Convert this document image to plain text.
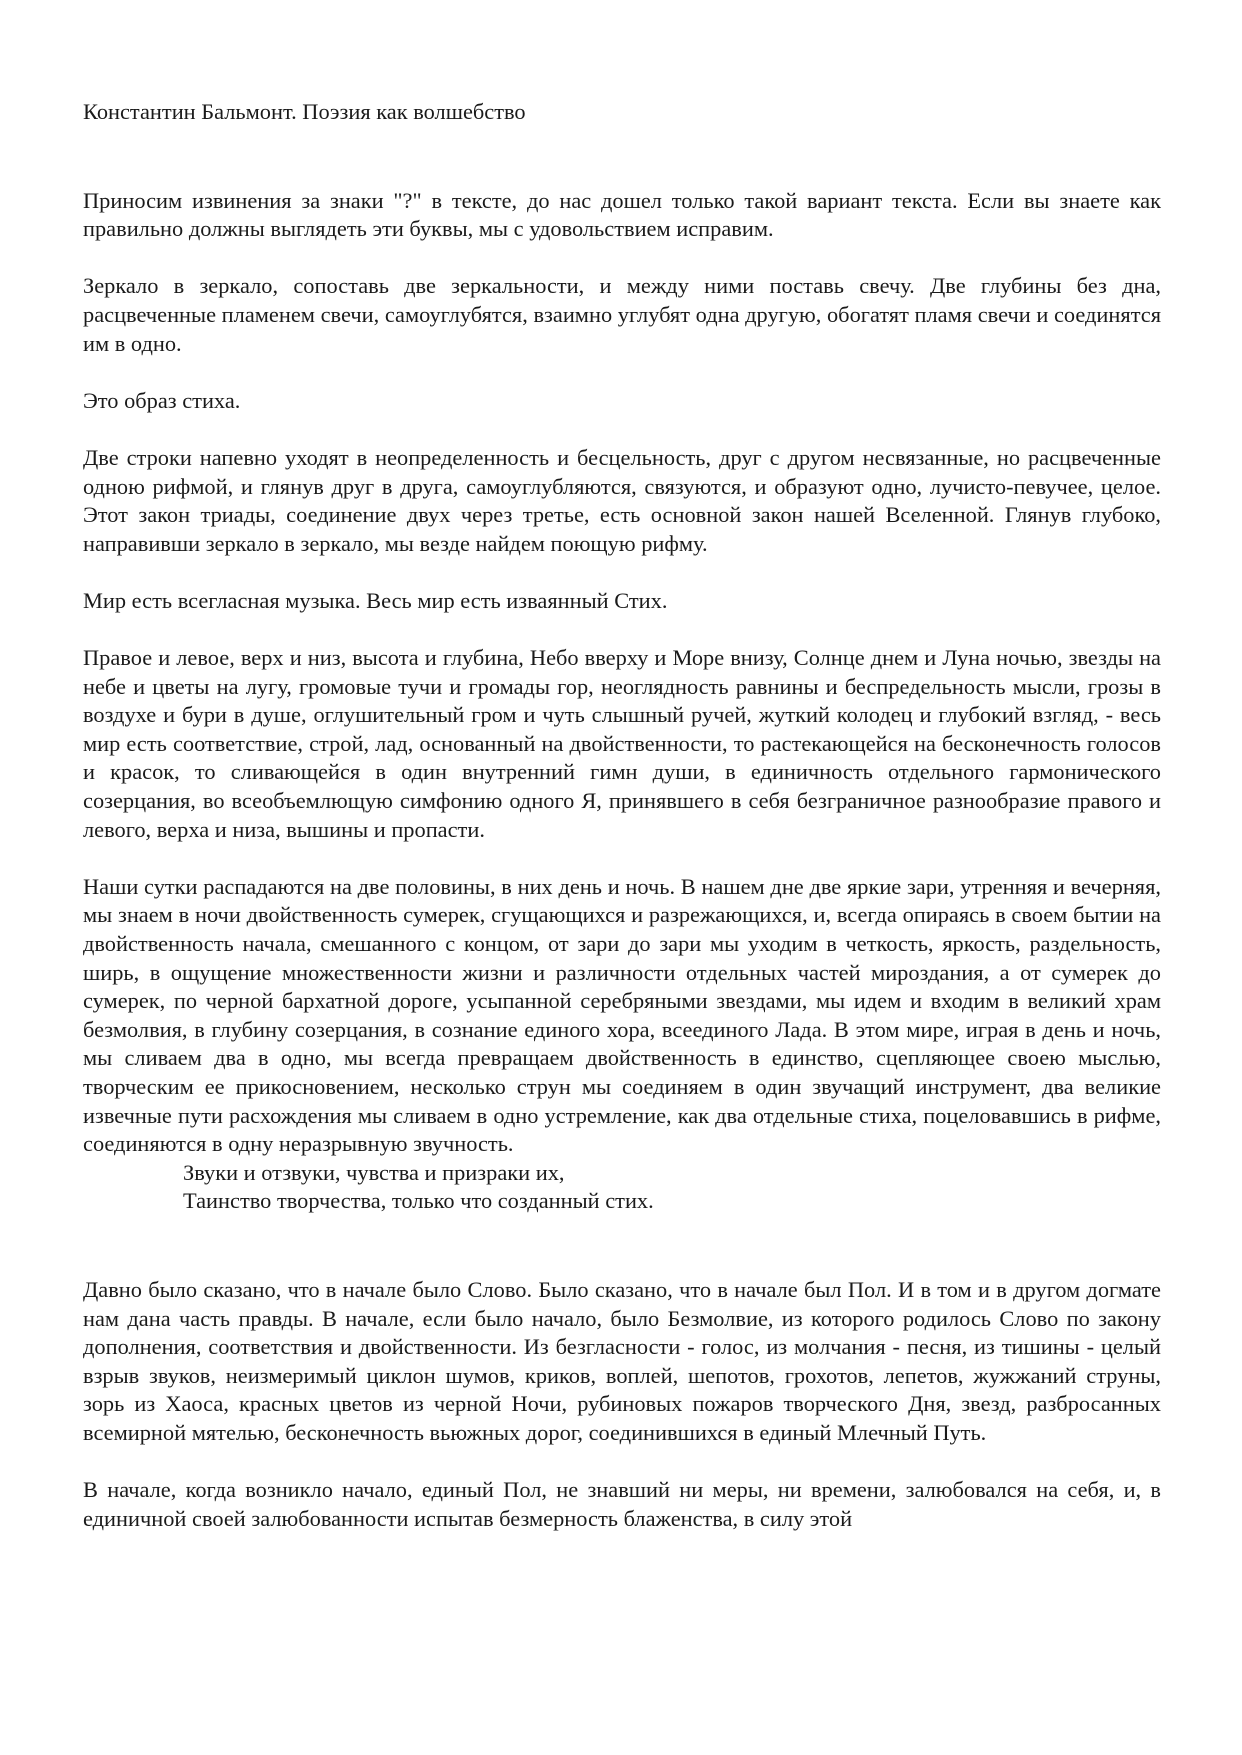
Константин Бальмонт. Поэзия как волшебство

Приносим извинения за знаки "?" в тексте, до нас дошел только такой вариант текста. Если вы знаете как правильно должны выглядеть эти буквы, мы с удовольствием исправим.

Зеркало в зеркало, сопоставь две зеркальности, и между ними поставь свечу. Две глубины без дна, расцвеченные пламенем свечи, самоуглубятся, взаимно углубят одна другую, обогатят пламя свечи и соединятся им в одно.

Это образ стиха.

Две строки напевно уходят в неопределенность и бесцельность, друг с другом несвязанные, но расцвеченные одною рифмой, и глянув друг в друга, самоуглубляются, связуются, и образуют одно, лучисто-певучее, целое. Этот закон триады, соединение двух через третье, есть основной закон нашей Вселенной. Глянув глубоко, направивши зеркало в зеркало, мы везде найдем поющую рифму.

Мир есть всегласная музыка. Весь мир есть изваянный Стих.

Правое и левое, верх и низ, высота и глубина, Небо вверху и Море внизу, Солнце днем и Луна ночью, звезды на небе и цветы на лугу, громовые тучи и громады гор, неоглядность равнины и беспредельность мысли, грозы в воздухе и бури в душе, оглушительный гром и чуть слышный ручей, жуткий колодец и глубокий взгляд, - весь мир есть соответствие, строй, лад, основанный на двойственности, то растекающейся на бесконечность голосов и красок, то сливающейся в один внутренний гимн души, в единичность отдельного гармонического созерцания, во всеобъемлющую симфонию одного Я, принявшего в себя безграничное разнообразие правого и левого, верха и низа, вышины и пропасти.

Наши сутки распадаются на две половины, в них день и ночь. В нашем дне две яркие зари, утренняя и вечерняя, мы знаем в ночи двойственность сумерек, сгущающихся и разрежающихся, и, всегда опираясь в своем бытии на двойственность начала, смешанного с концом, от зари до зари мы уходим в четкость, яркость, раздельность, ширь, в ощущение множественности жизни и различности отдельных частей мироздания, а от сумерек до сумерек, по черной бархатной дороге, усыпанной серебряными звездами, мы идем и входим в великий храм безмолвия, в глубину созерцания, в сознание единого хора, всеединого Лада. В этом мире, играя в день и ночь, мы сливаем два в одно, мы всегда превращаем двойственность в единство, сцепляющее своею мыслью, творческим ее прикосновением, несколько струн мы соединяем в один звучащий инструмент, два великие извечные пути расхождения мы сливаем в одно устремление, как два отдельные стиха, поцеловавшись в рифме, соединяются в одну неразрывную звучность.

Звуки и отзвуки, чувства и призраки их,
Таинство творчества, только что созданный стих.

Давно было сказано, что в начале было Слово. Было сказано, что в начале был Пол. И в том и в другом догмате нам дана часть правды. В начале, если было начало, было Безмолвие, из которого родилось Слово по закону дополнения, соответствия и двойственности. Из безгласности - голос, из молчания - песня, из тишины - целый взрыв звуков, неизмеримый циклон шумов, криков, воплей, шепотов, грохотов, лепетов, жужжаний струны, зорь из Хаоса, красных цветов из черной Ночи, рубиновых пожаров творческого Дня, звезд, разбросанных всемирной мятелью, бесконечность вьюжных дорог, соединившихся в единый Млечный Путь.

В начале, когда возникло начало, единый Пол, не знавший ни меры, ни времени, залюбовался на себя, и, в единичной своей залюбованности испытав безмерность блаженства, в силу этой
